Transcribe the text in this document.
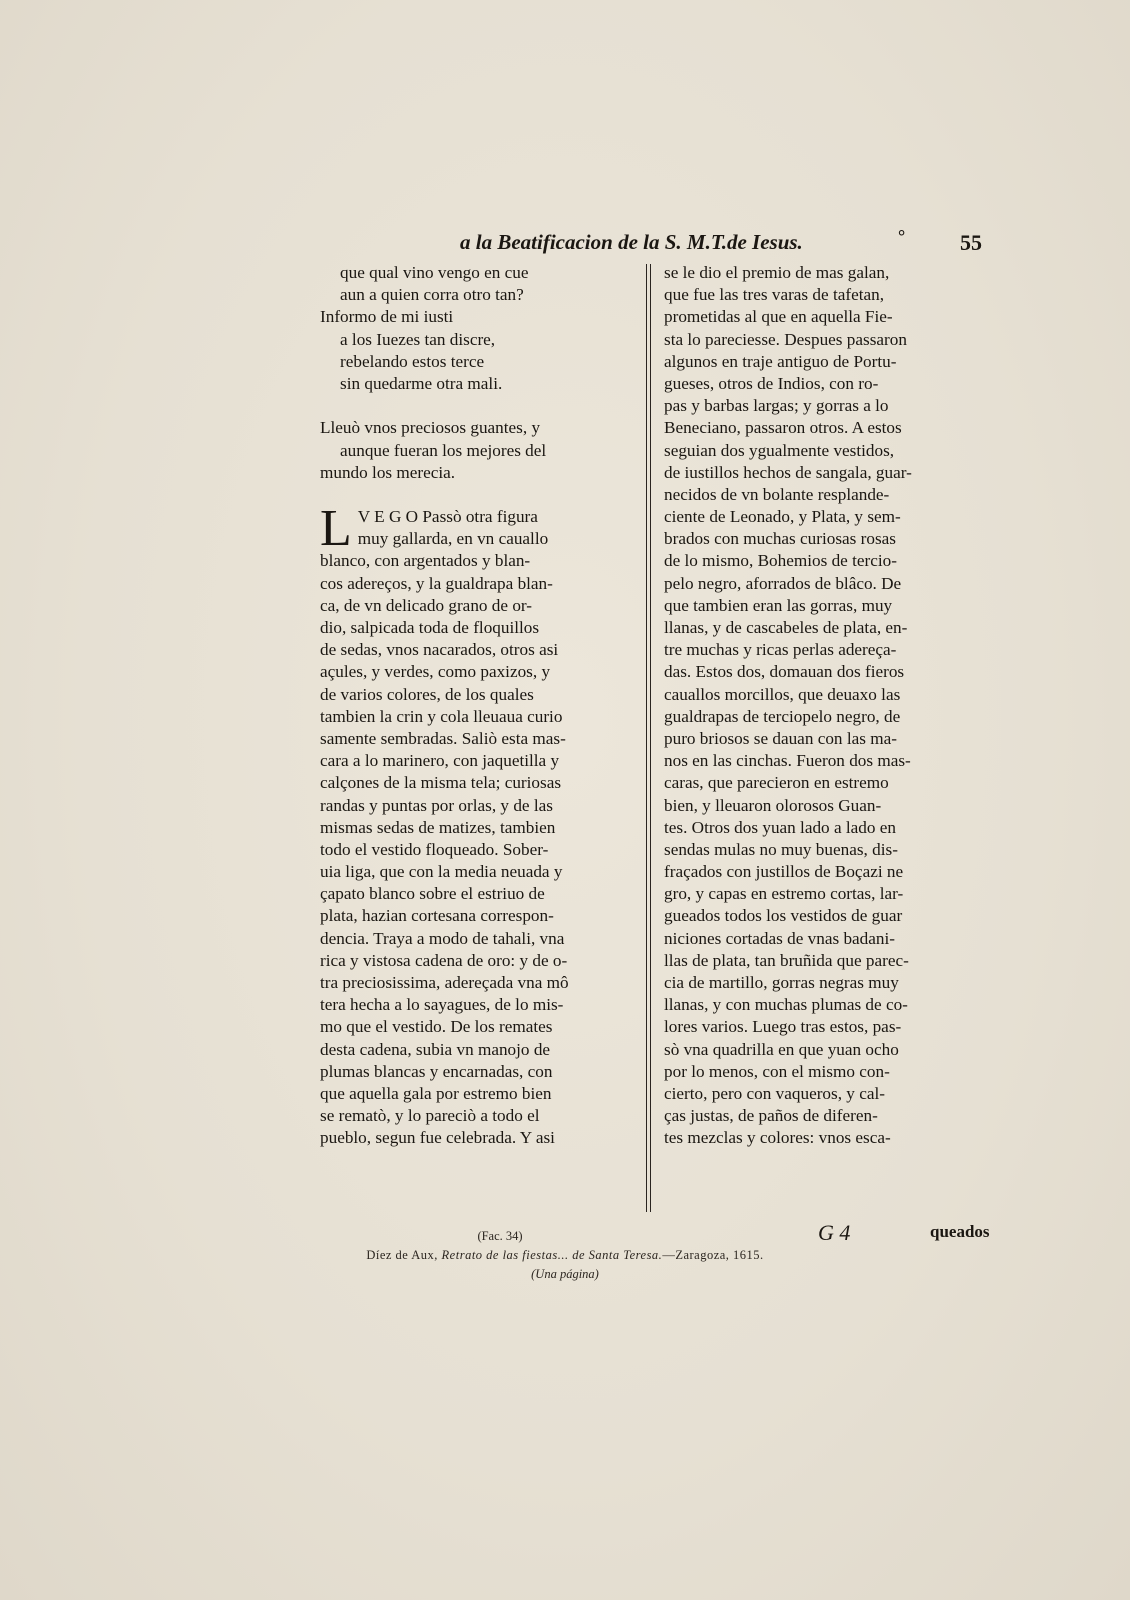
a la Beatificacion de la S. M.T.de Iesus.	° 55
que qual vino vengo en cue
aun a quien corra otro tan?
Informo de mi iusti
a los Iuezes tan discre,
rebelando estos terce
sin quedarme otra mali.
Lleuò vnos preciosos guantes, y
aunque fueran los mejores del
mundo los merecia.
L V E G O Passò otra figura
muy gallarda, en vn cauallo
blanco, con argentados y blan-
cos adereços, y la gualdrapa blan-
ca, de vn delicado grano de or-
dio, salpicada toda de floquillos
de sedas, vnos nacarados, otros asi
açules, y verdes, como paxizos, y
de varios colores, de los quales
tambien la crin y cola lleuaua curio
samente sembradas. Saliò esta mas-
cara a lo marinero, con jaquetilla y
calçones de la misma tela; curiosas
randas y puntas por orlas, y de las
mismas sedas de matizes, tambien
todo el vestido floqueado. Sober-
uia liga, que con la media neuada y
çapato blanco sobre el estriuo de
plata, hazian cortesana correspon-
dencia. Traya a modo de tahali, vna
rica y vistosa cadena de oro: y de o-
tra preciosissima, adereçada vna mô
tera hecha a lo sayagues, de lo mis-
mo que el vestido. De los remates
desta cadena, subia vn manojo de
plumas blancas y encarnadas, con
que aquella gala por estremo bien
se rematò, y lo pareciò a todo el
pueblo, segun fue celebrada. Y asi
se le dio el premio de mas galan,
que fue las tres varas de tafetan,
prometidas al que en aquella Fie-
sta lo pareciesse. Despues passaron
algunos en traje antiguo de Portu-
gueses, otros de Indios, con ro-
pas y barbas largas; y gorras a lo
Beneciano, passaron otros. A estos
seguian dos ygualmente vestidos,
de iustillos hechos de sangala, guar-
necidos de vn bolante resplande-
ciente de Leonado, y Plata, y sem-
brados con muchas curiosas rosas
de lo mismo, Bohemios de tercio-
pelo negro, aforrados de blâco. De
que tambien eran las gorras, muy
llanas, y de cascabeles de plata, en-
tre muchas y ricas perlas adereça-
das. Estos dos, domauan dos fieros
cauallos morcillos, que deuaxo las
gualdrapas de terciopelo negro, de
puro briosos se dauan con las ma-
nos en las cinchas. Fueron dos mas-
caras, que parecieron en estremo
bien, y lleuaron olorosos Guan-
tes. Otros dos yuan lado a lado en
sendas mulas no muy buenas, dis-
fraçados con justillos de Boçazi ne
gro, y capas en estremo cortas, lar-
gueados todos los vestidos de guar
niciones cortadas de vnas badani-
llas de plata, tan bruñida que parec-
cia de martillo, gorras negras muy
llanas, y con muchas plumas de co-
lores varios. Luego tras estos, pas-
sò vna quadrilla en que yuan ocho
por lo menos, con el mismo con-
cierto, pero con vaqueros, y cal-
ças justas, de paños de diferen-
tes mezclas y colores: vnos esca-
G 4	queados
(Fac. 34)
Díez de Aux, Retrato de las fiestas... de Santa Teresa.—Zaragoza, 1615.
(Una página)
